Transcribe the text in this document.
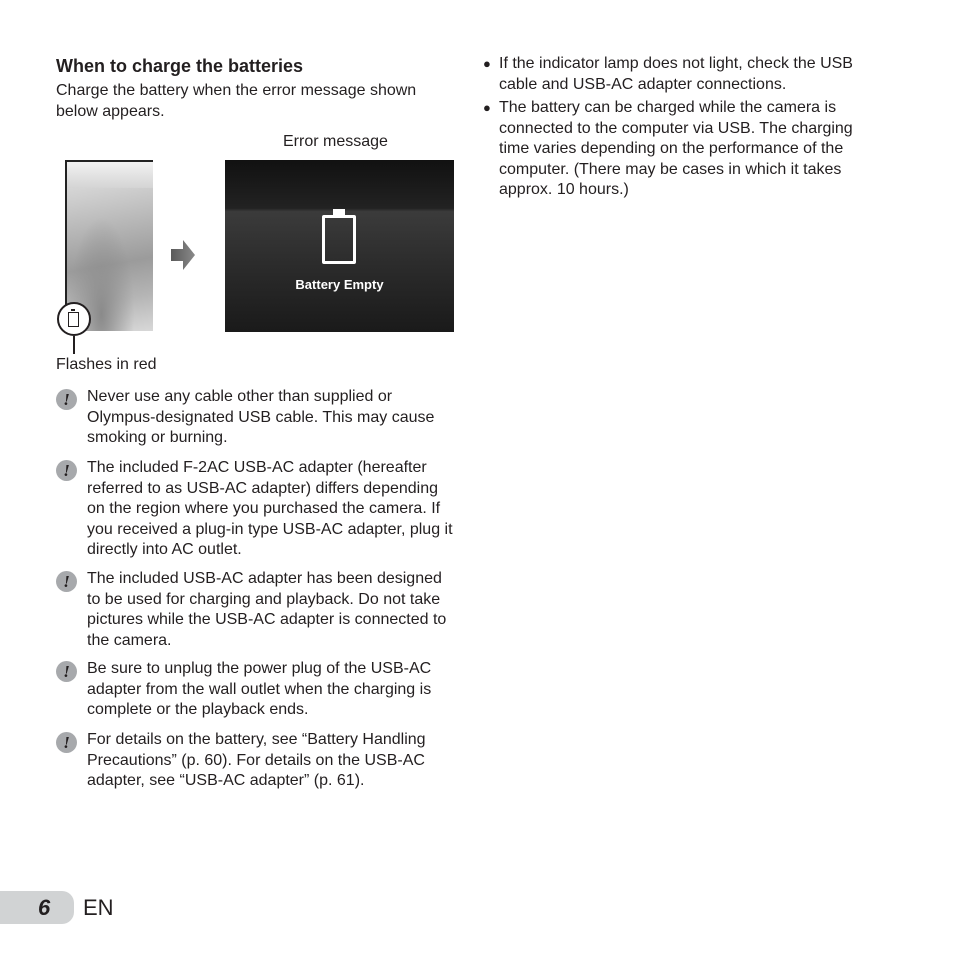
When to charge the batteries
Charge the battery when the error message shown below appears.
Error message
Battery Empty
Flashes in red
!	Never use any cable other than supplied or Olympus-designated USB cable. This may cause smoking or burning.
!	The included F-2AC USB-AC adapter (hereafter referred to as USB-AC adapter) differs depending on the region where you purchased the camera. If you received a plug-in type USB-AC adapter, plug it directly into AC outlet.
!	The included USB-AC adapter has been designed to be used for charging and playback. Do not take pictures while the USB-AC adapter is connected to the camera.
!	Be sure to unplug the power plug of the USB-AC adapter from the wall outlet when the charging is complete or the playback ends.
!	For details on the battery, see “Battery Handling Precautions” (p. 60). For details on the USB-AC adapter, see “USB-AC adapter” (p. 61).
● If the indicator lamp does not light, check the USB cable and USB-AC adapter connections.
● The battery can be charged while the camera is connected to the computer via USB. The charging time varies depending on the performance of the computer. (There may be cases in which it takes approx. 10 hours.)
6 EN
